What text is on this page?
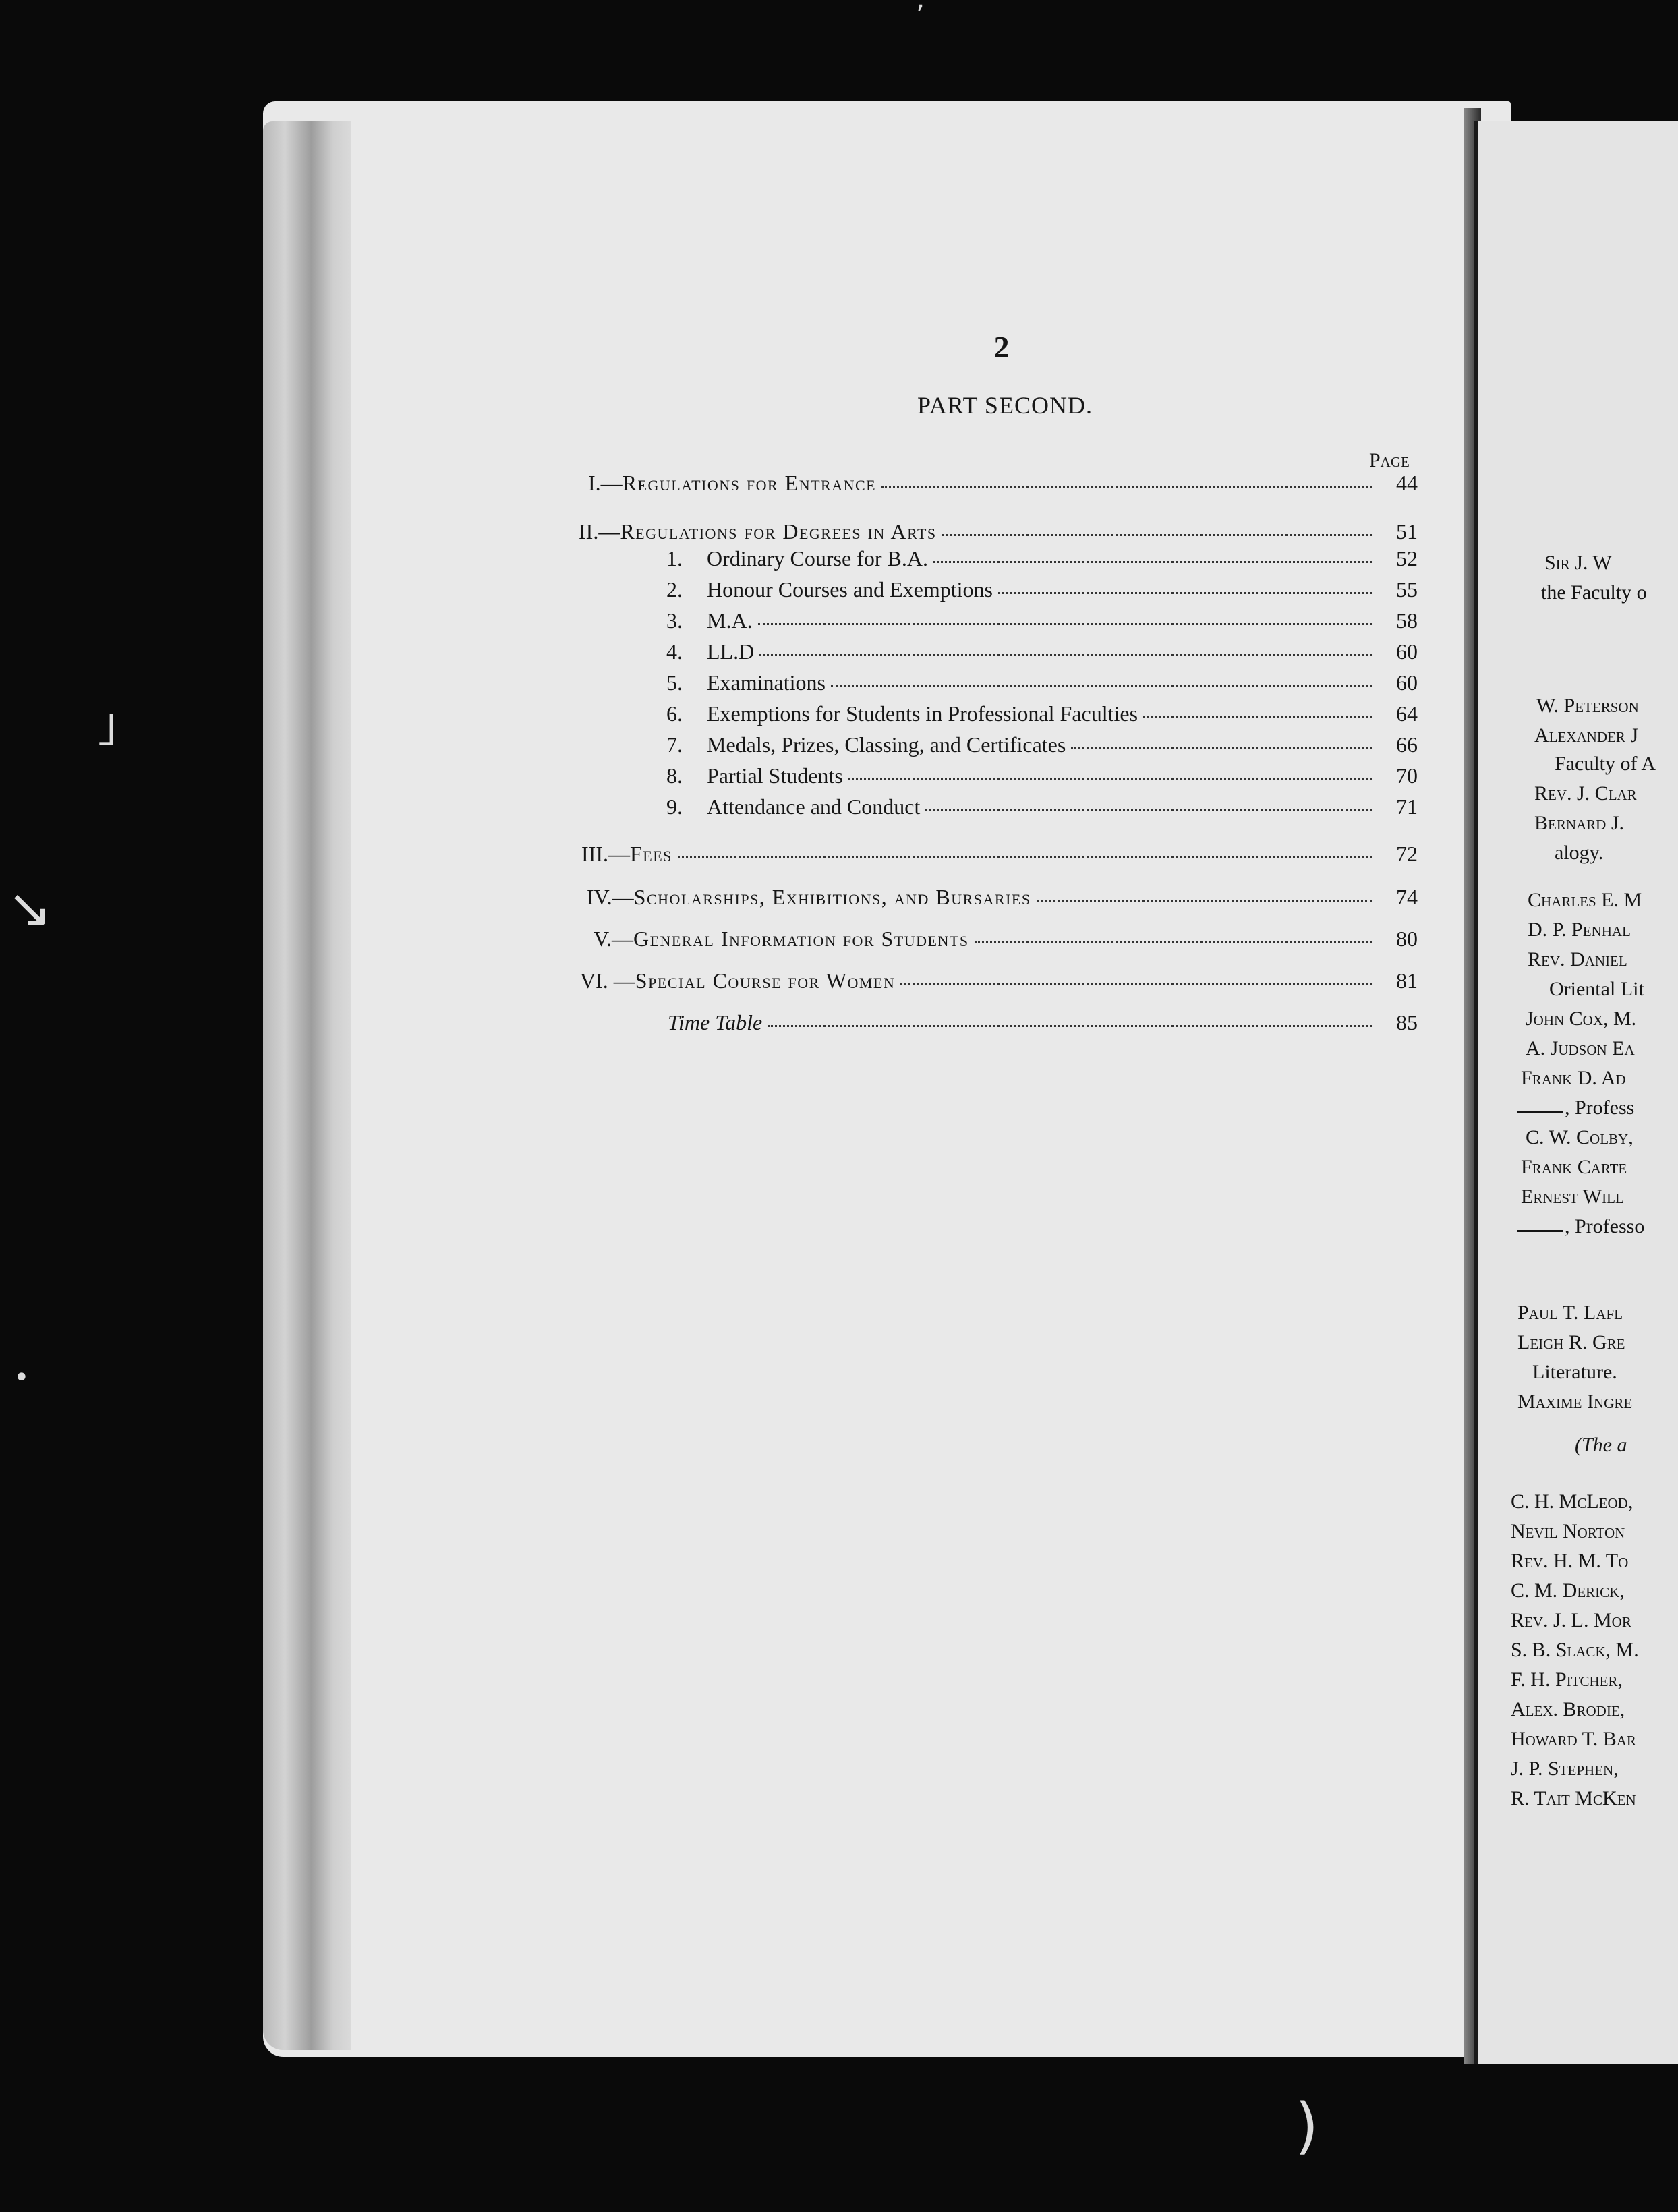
2
PART SECOND.
Page
I.— Regulations for Entrance	44
II.— Regulations for Degrees in Arts	51
1.	Ordinary Course for B.A.	52
2.	Honour Courses and Exemptions	55
3.	M.A.	58
4.	LL.D	60
5.	Examinations	60
6.	Exemptions for Students in Professional Faculties	64
7.	Medals, Prizes, Classing, and Certificates	66
8.	Partial Students	70
9.	Attendance and Conduct	71
III.— Fees	72
IV.— Scholarships, Exhibitions, and Bursaries	74
V.— General Information for Students	80
VI. — Special Course for Women	81
Time Table	85
Sir J. W
the Faculty o
W. Peterson
Alexander J
Faculty of A
Rev. J. Clar
Bernard J.
alogy.
Charles E. M
D. P. Penhal
Rev. Daniel
Oriental Lit
John Cox, M.
A. Judson Ea
Frank D. Ad
, Profess
C. W. Colby,
Frank Carte
Ernest Will
, Professo
Paul T. Lafl
Leigh R. Gre
Literature.
Maxime Ingre
(The a
C. H. McLeod,
Nevil Norton
Rev. H. M. To
C. M. Derick,
Rev. J. L. Mor
S. B. Slack, M.
F. H. Pitcher,
Alex. Brodie,
Howard T. Bar
J. P. Stephen,
R. Tait McKen
ʼ
˩
↘
•
)
